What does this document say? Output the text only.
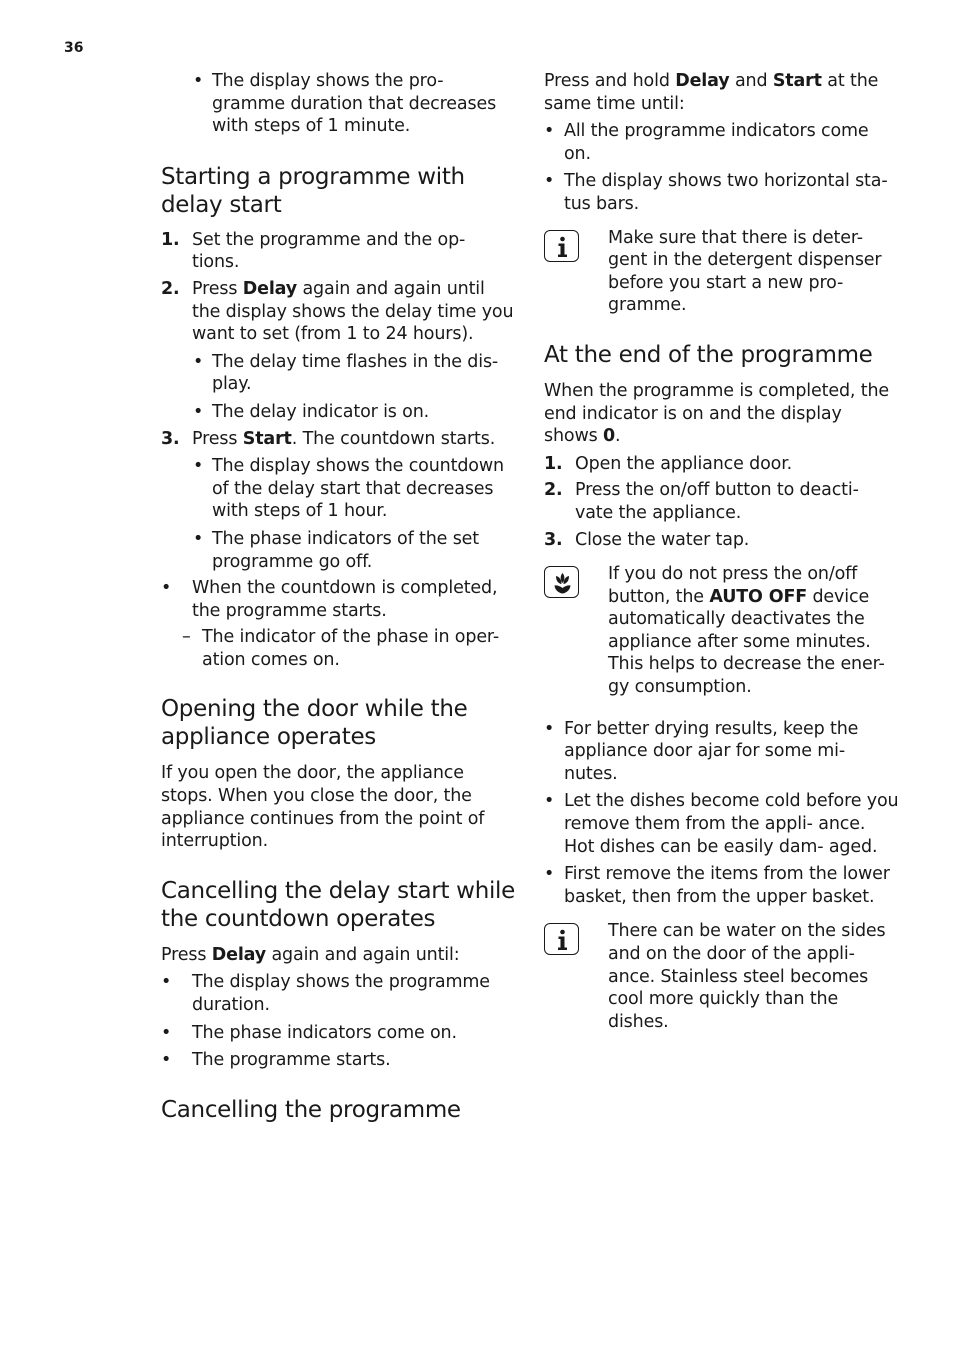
36
• The display shows the pro- gramme duration that decreases with steps of 1 minute.
Starting a programme with delay start
1. Set the programme and the op- tions.
2. Press Delay again and again until the display shows the delay time you want to set (from 1 to 24 hours).
• The delay time flashes in the dis- play.
• The delay indicator is on.
3. Press Start. The countdown starts.
• The display shows the countdown of the delay start that decreases with steps of 1 hour.
• The phase indicators of the set programme go off.
• When the countdown is completed, the programme starts.
– The indicator of the phase in oper- ation comes on.
Opening the door while the appliance operates

If you open the door, the appliance stops. When you close the door, the appliance continues from the point of interruption.

Cancelling the delay start while the countdown operates

Press Delay again and again until:

• The display shows the programme duration.
• The phase indicators come on.
• The programme starts.
Cancelling the programme

Press and hold Delay and Start at the same time until:

• All the programme indicators come on.
• The display shows two horizontal sta- tus bars.
Make sure that there is deter- gent in the detergent dispenser before you start a new pro- gramme.
At the end of the programme

When the programme is completed, the end indicator is on and the display shows 0.

1. Open the appliance door.
2. Press the on/off button to deacti- vate the appliance.
3. Close the water tap.
If you do not press the on/off button, the AUTO OFF device automatically deactivates the appliance after some minutes. This helps to decrease the ener- gy consumption.
• For better drying results, keep the appliance door ajar for some mi- nutes.
• Let the dishes become cold before you remove them from the appli- ance. Hot dishes can be easily dam- aged.
• First remove the items from the lower basket, then from the upper basket.
There can be water on the sides and on the door of the appli- ance. Stainless steel becomes cool more quickly than the dishes.
